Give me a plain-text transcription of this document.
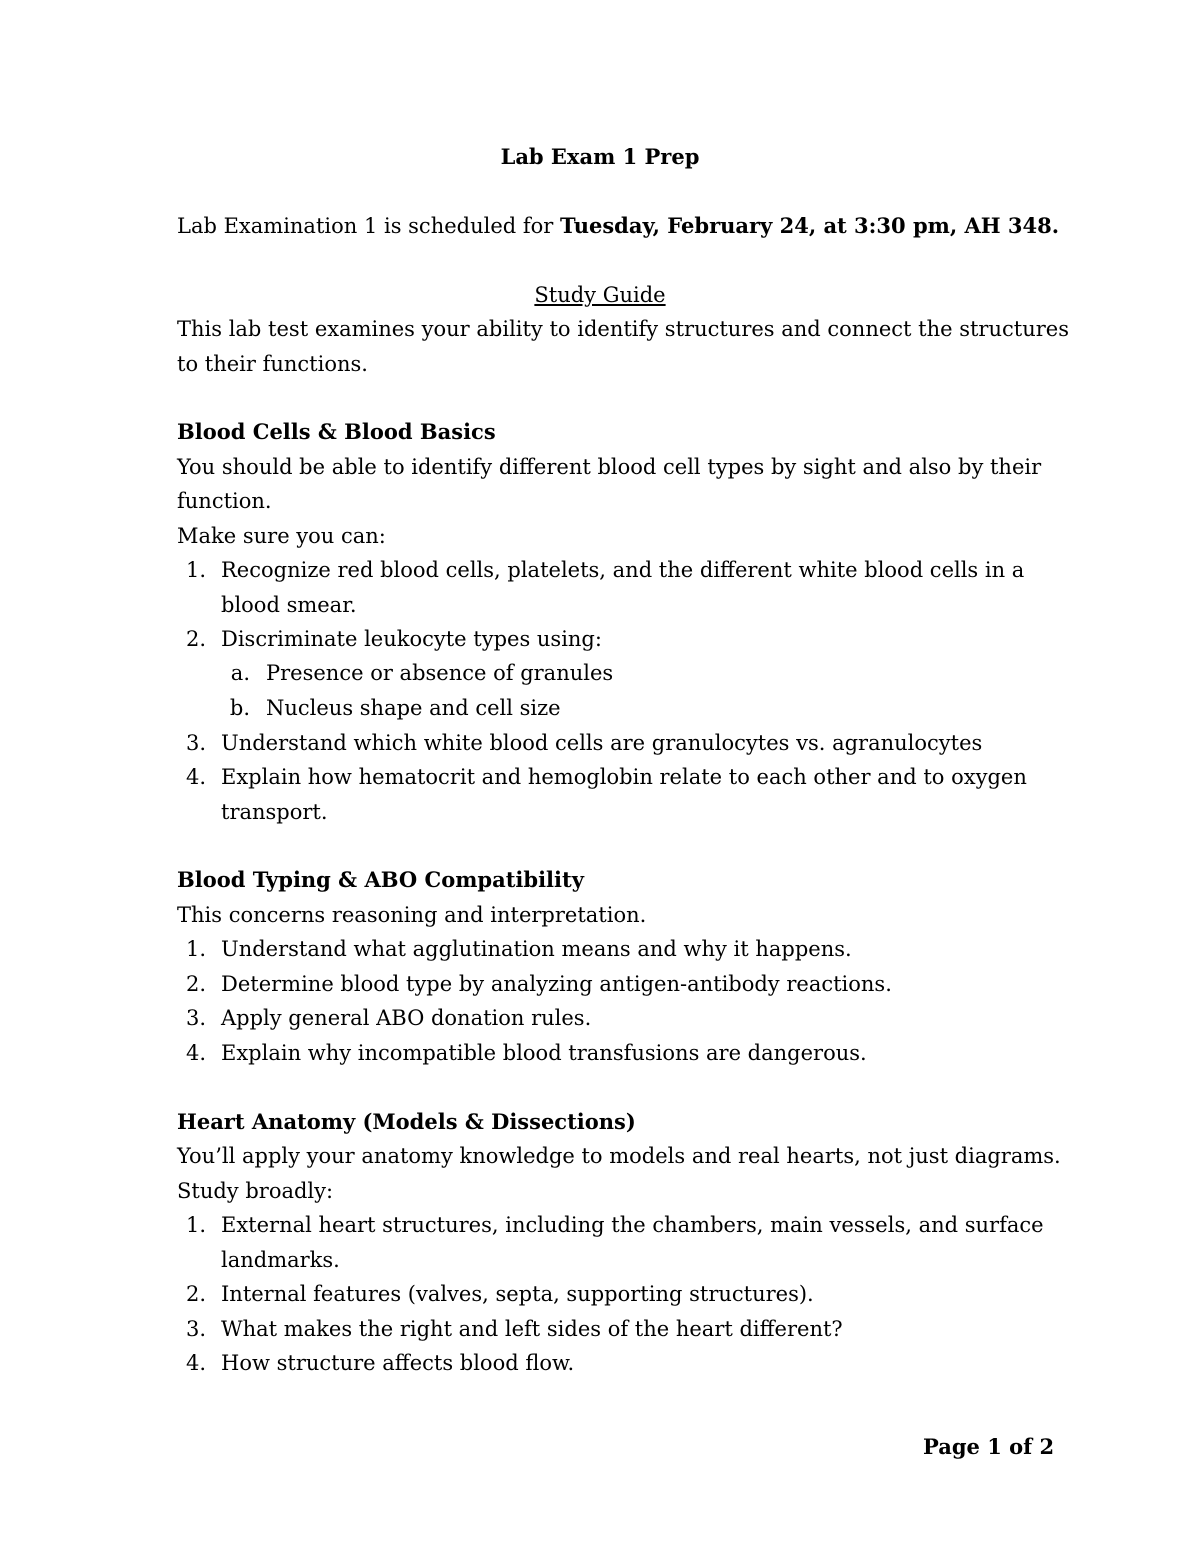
Lab Exam 1 Prep
Lab Examination 1 is scheduled for Tuesday, February 24, at 3:30 pm, AH 348.
Study Guide
This lab test examines your ability to identify structures and connect the structures
to their functions.
Blood Cells & Blood Basics
You should be able to identify different blood cell types by sight and also by their
function.
Make sure you can:
1. Recognize red blood cells, platelets, and the different white blood cells in a
blood smear.
2. Discriminate leukocyte types using:
a. Presence or absence of granules
b. Nucleus shape and cell size
3. Understand which white blood cells are granulocytes vs. agranulocytes
4. Explain how hematocrit and hemoglobin relate to each other and to oxygen
transport.
Blood Typing & ABO Compatibility
This concerns reasoning and interpretation.
1. Understand what agglutination means and why it happens.
2. Determine blood type by analyzing antigen-antibody reactions.
3. Apply general ABO donation rules.
4. Explain why incompatible blood transfusions are dangerous.
Heart Anatomy (Models & Dissections)
You’ll apply your anatomy knowledge to models and real hearts, not just diagrams.
Study broadly:
1. External heart structures, including the chambers, main vessels, and surface
landmarks.
2. Internal features (valves, septa, supporting structures).
3. What makes the right and left sides of the heart different?
4. How structure affects blood flow.
Page 1 of 2
